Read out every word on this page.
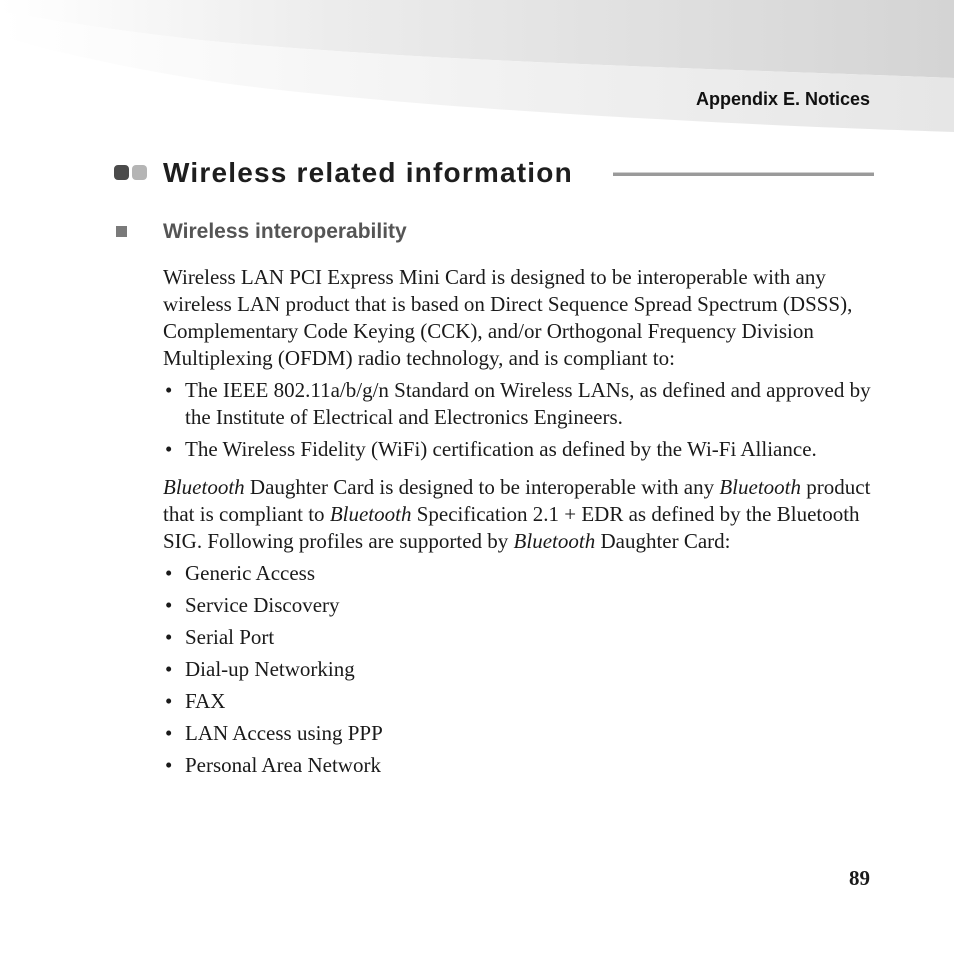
Appendix E. Notices
Wireless related information
Wireless interoperability

Wireless LAN PCI Express Mini Card is designed to be interoperable with any wireless LAN product that is based on Direct Sequence Spread Spectrum (DSSS), Complementary Code Keying (CCK), and/or Orthogonal Frequency Division Multiplexing (OFDM) radio technology, and is compliant to:

• The IEEE 802.11a/b/g/n Standard on Wireless LANs, as defined and approved by the Institute of Electrical and Electronics Engineers.
• The Wireless Fidelity (WiFi) certification as defined by the Wi-Fi Alliance.

Bluetooth Daughter Card is designed to be interoperable with any Bluetooth product that is compliant to Bluetooth Specification 2.1 + EDR as defined by the Bluetooth SIG. Following profiles are supported by Bluetooth Daughter Card:

• Generic Access
• Service Discovery
• Serial Port
• Dial-up Networking
• FAX
• LAN Access using PPP
• Personal Area Network
89
